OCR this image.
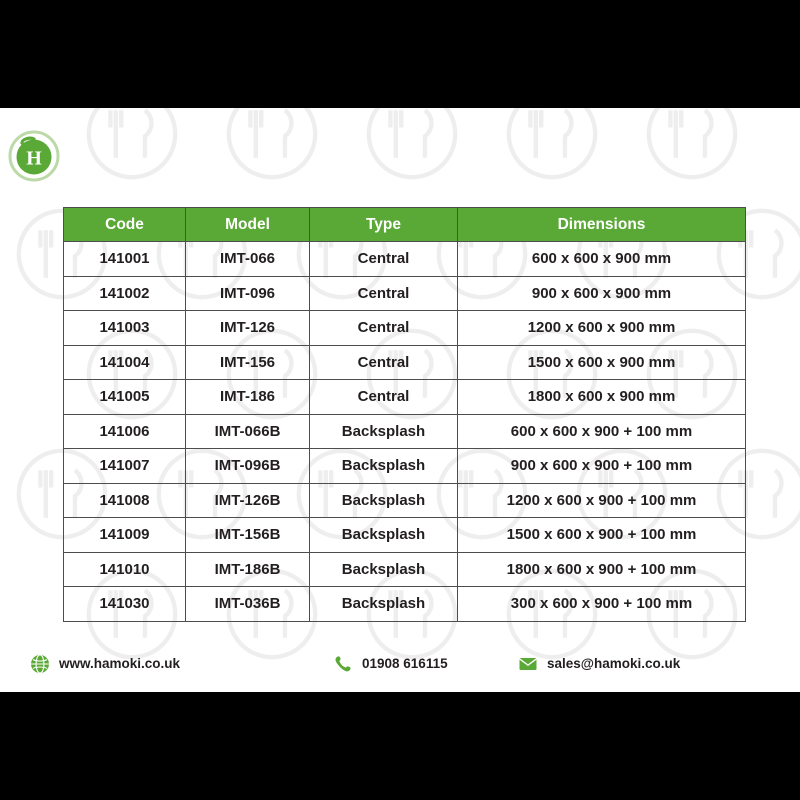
H
Code	Model	Type	Dimensions
141001	IMT-066	Central	600 x 600 x 900 mm
141002	IMT-096	Central	900 x 600 x 900 mm
141003	IMT-126	Central	1200 x 600 x 900 mm
141004	IMT-156	Central	1500 x 600 x 900 mm
141005	IMT-186	Central	1800 x 600 x 900 mm
141006	IMT-066B	Backsplash	600 x 600 x 900 + 100 mm
141007	IMT-096B	Backsplash	900 x 600 x 900 + 100 mm
141008	IMT-126B	Backsplash	1200 x 600 x 900 + 100 mm
141009	IMT-156B	Backsplash	1500 x 600 x 900 + 100 mm
141010	IMT-186B	Backsplash	1800 x 600 x 900 + 100 mm
141030	IMT-036B	Backsplash	300 x 600 x 900 + 100 mm
www.hamoki.co.uk	01908 616115	sales@hamoki.co.uk
